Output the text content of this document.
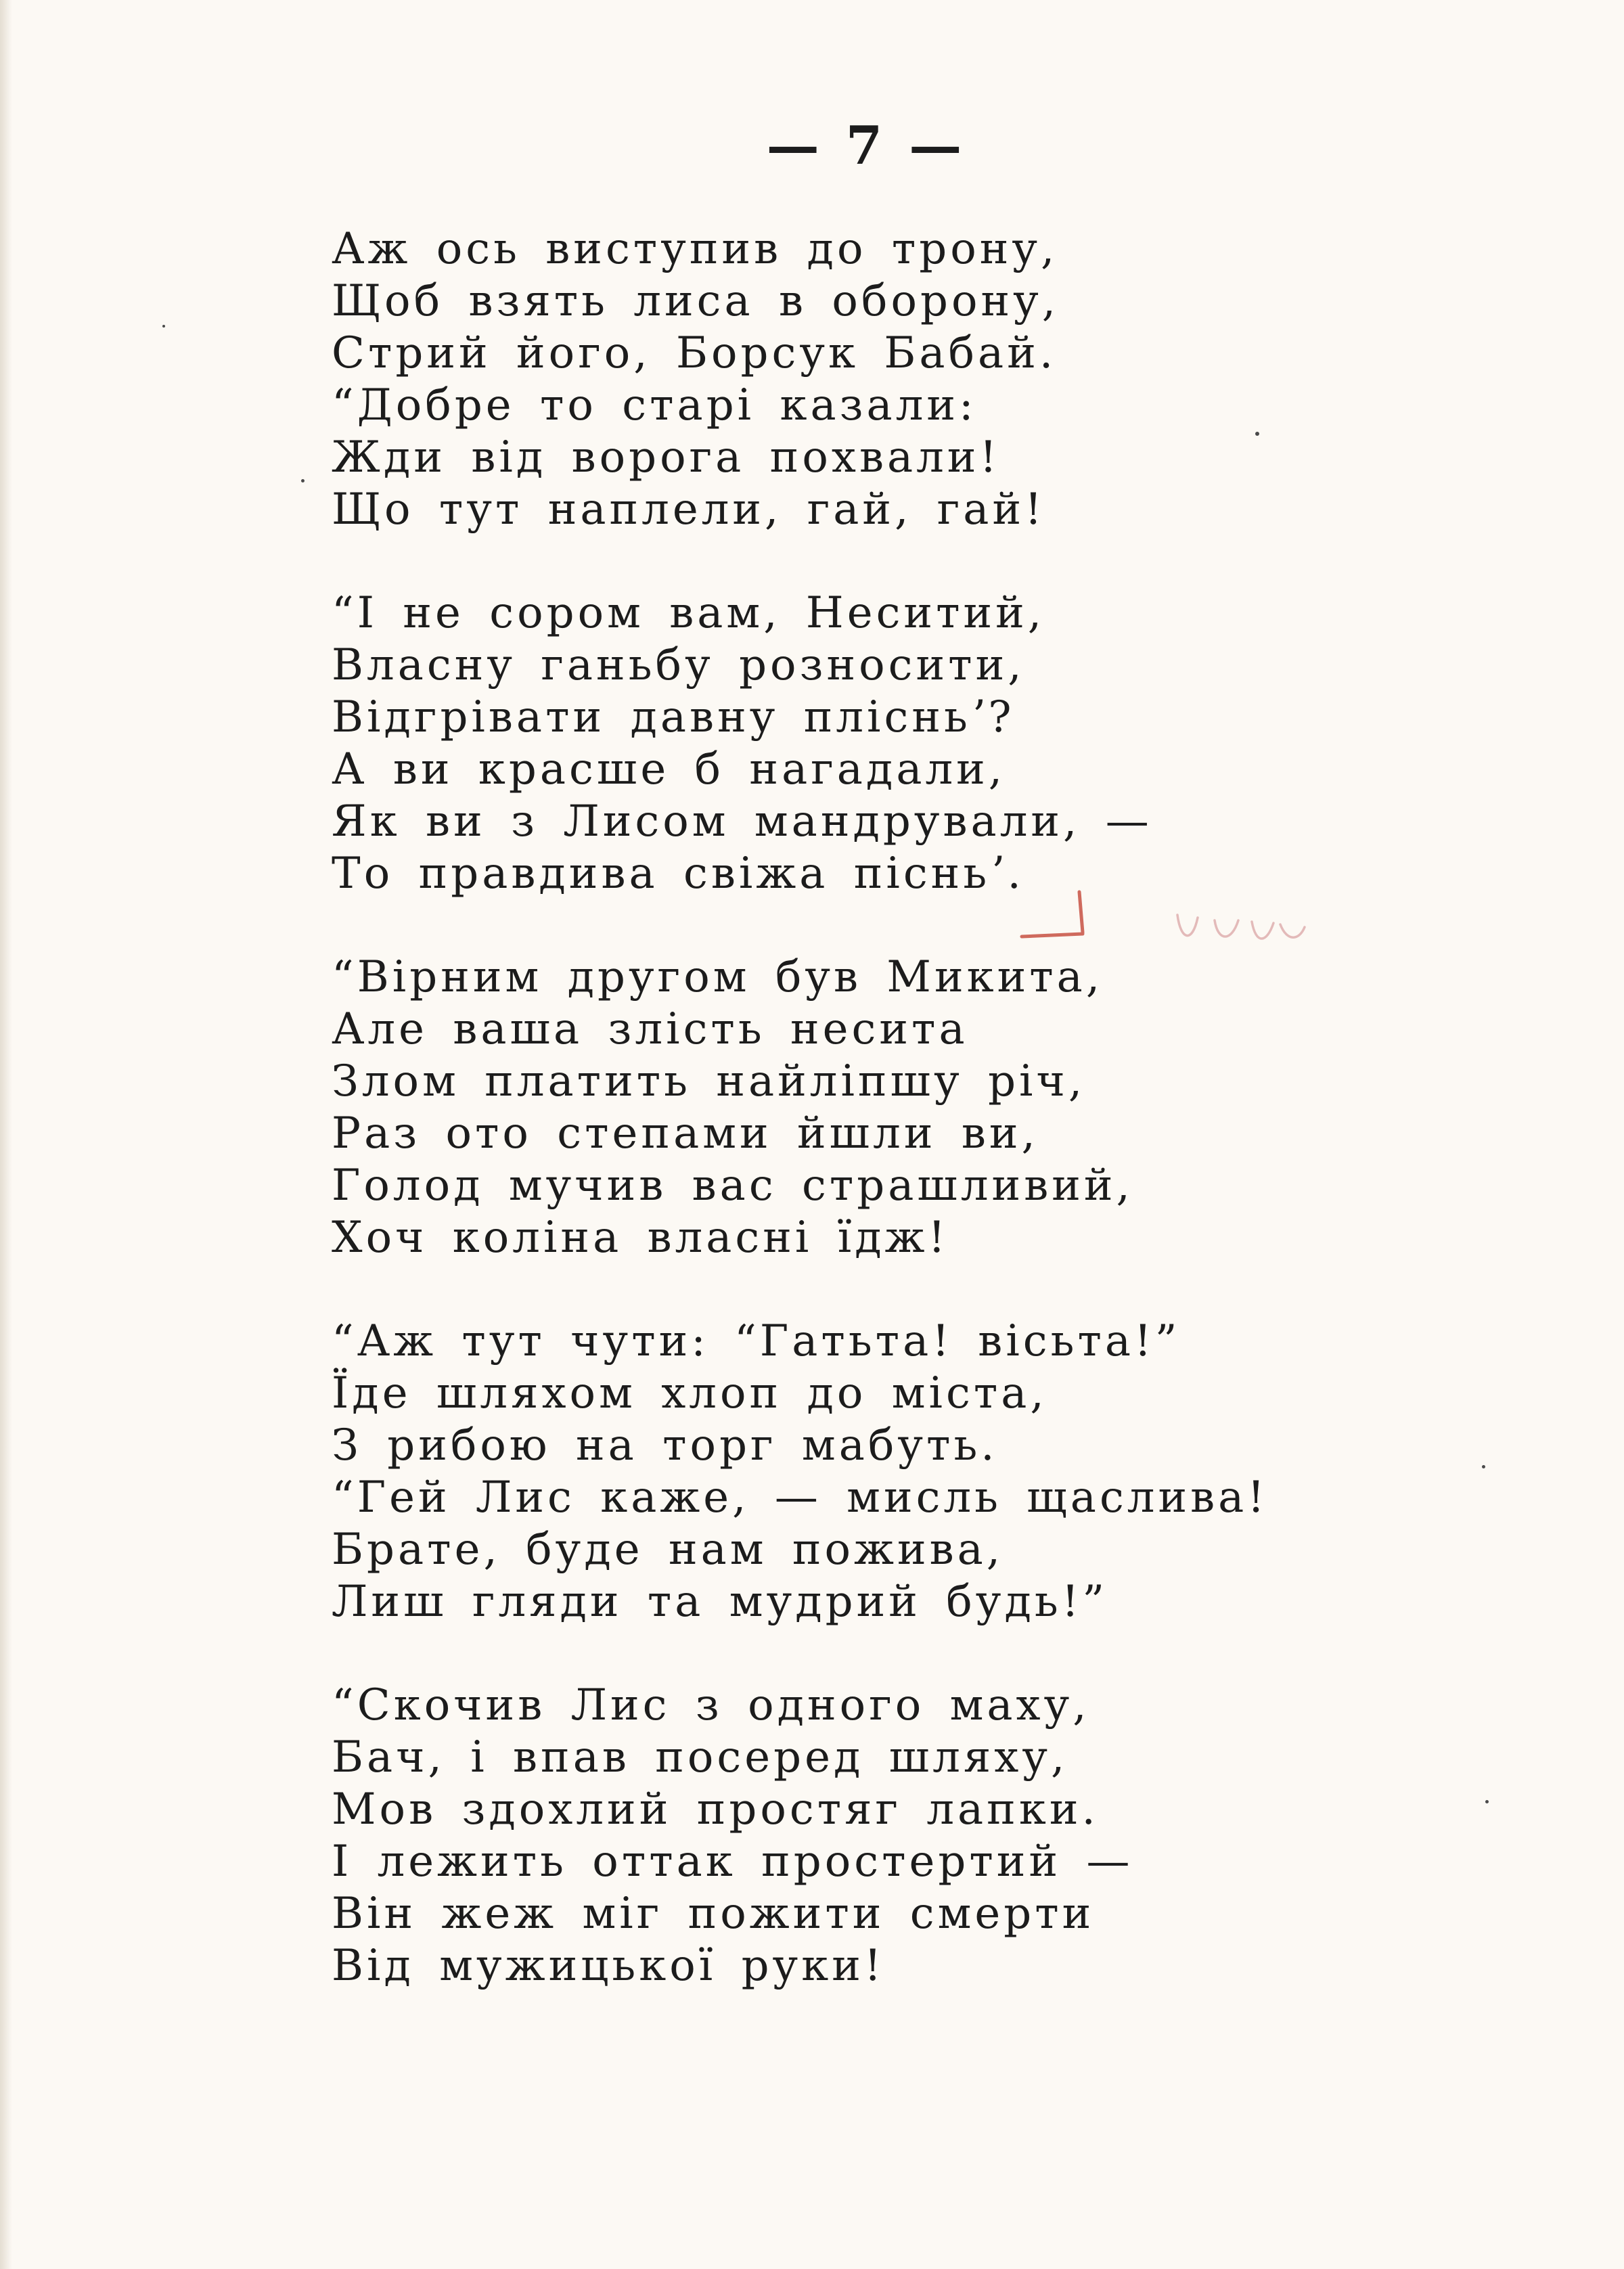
— 7 —
Аж ось виступив до трону,
Щоб взять лиса в оборону,
Стрий його, Борсук Бабай.
“Добре то старі казали:
Жди від ворога похвали!
Що тут наплели, гай, гай!
“І не сором вам, Неситий,
Власну ганьбу розносити,
Відгрівати давну плісньʼ?
А ви красше б нагадали,
Як ви з Лисом мандрували, —
То правдива свіжа пісньʼ.
“Вірним другом був Микита,
Але ваша злість несита
Злом платить найліпшу річ,
Раз ото степами йшли ви,
Голод мучив вас страшливий,
Хоч коліна власні їдж!
“Аж тут чути: “Гатьта! вісьта!”
Їде шляхом хлоп до міста,
З рибою на торг мабуть.
“Гей Лис каже, — мисль щаслива!
Брате, буде нам пожива,
Лиш гляди та мудрий будь!”
“Скочив Лис з одного маху,
Бач, і впав посеред шляху,
Мов здохлий простяг лапки.
І лежить оттак простертий —
Він жеж міг пожити смерти
Від мужицької руки!
